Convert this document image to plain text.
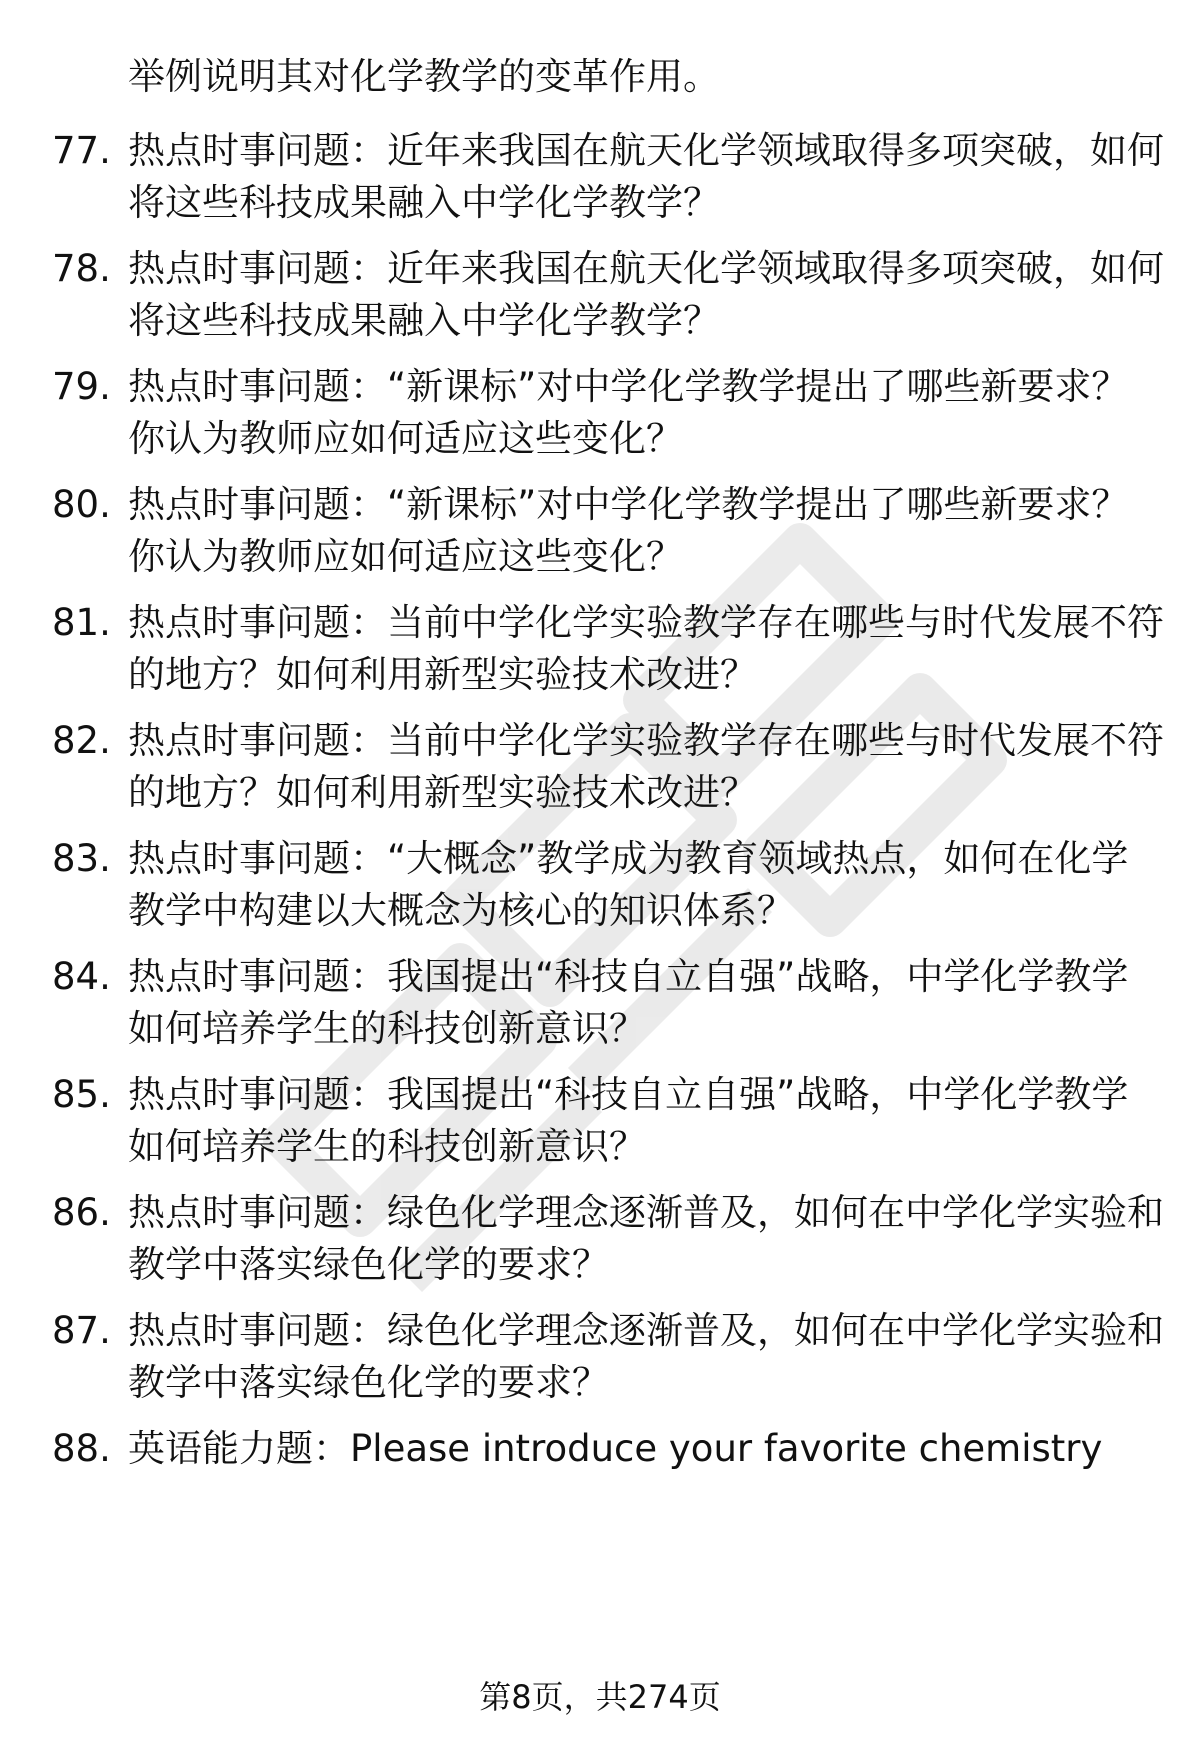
举例说明其对化学教学的变革作用。
77. 热点时事问题：近年来我国在航天化学领域取得多项突破，如何
将这些科技成果融入中学化学教学？
78. 热点时事问题：近年来我国在航天化学领域取得多项突破，如何
将这些科技成果融入中学化学教学？
79. 热点时事问题：“新课标”对中学化学教学提出了哪些新要求？
你认为教师应如何适应这些变化？
80. 热点时事问题：“新课标”对中学化学教学提出了哪些新要求？
你认为教师应如何适应这些变化？
81. 热点时事问题：当前中学化学实验教学存在哪些与时代发展不符
的地方？如何利用新型实验技术改进？
82. 热点时事问题：当前中学化学实验教学存在哪些与时代发展不符
的地方？如何利用新型实验技术改进？
83. 热点时事问题：“大概念”教学成为教育领域热点，如何在化学
教学中构建以大概念为核心的知识体系？
84. 热点时事问题：我国提出“科技自立自强”战略，中学化学教学
如何培养学生的科技创新意识？
85. 热点时事问题：我国提出“科技自立自强”战略，中学化学教学
如何培养学生的科技创新意识？
86. 热点时事问题：绿色化学理念逐渐普及，如何在中学化学实验和
教学中落实绿色化学的要求？
87. 热点时事问题：绿色化学理念逐渐普及，如何在中学化学实验和
教学中落实绿色化学的要求？
88. 英语能力题：Please introduce your favorite chemistry
第8页，共274页
